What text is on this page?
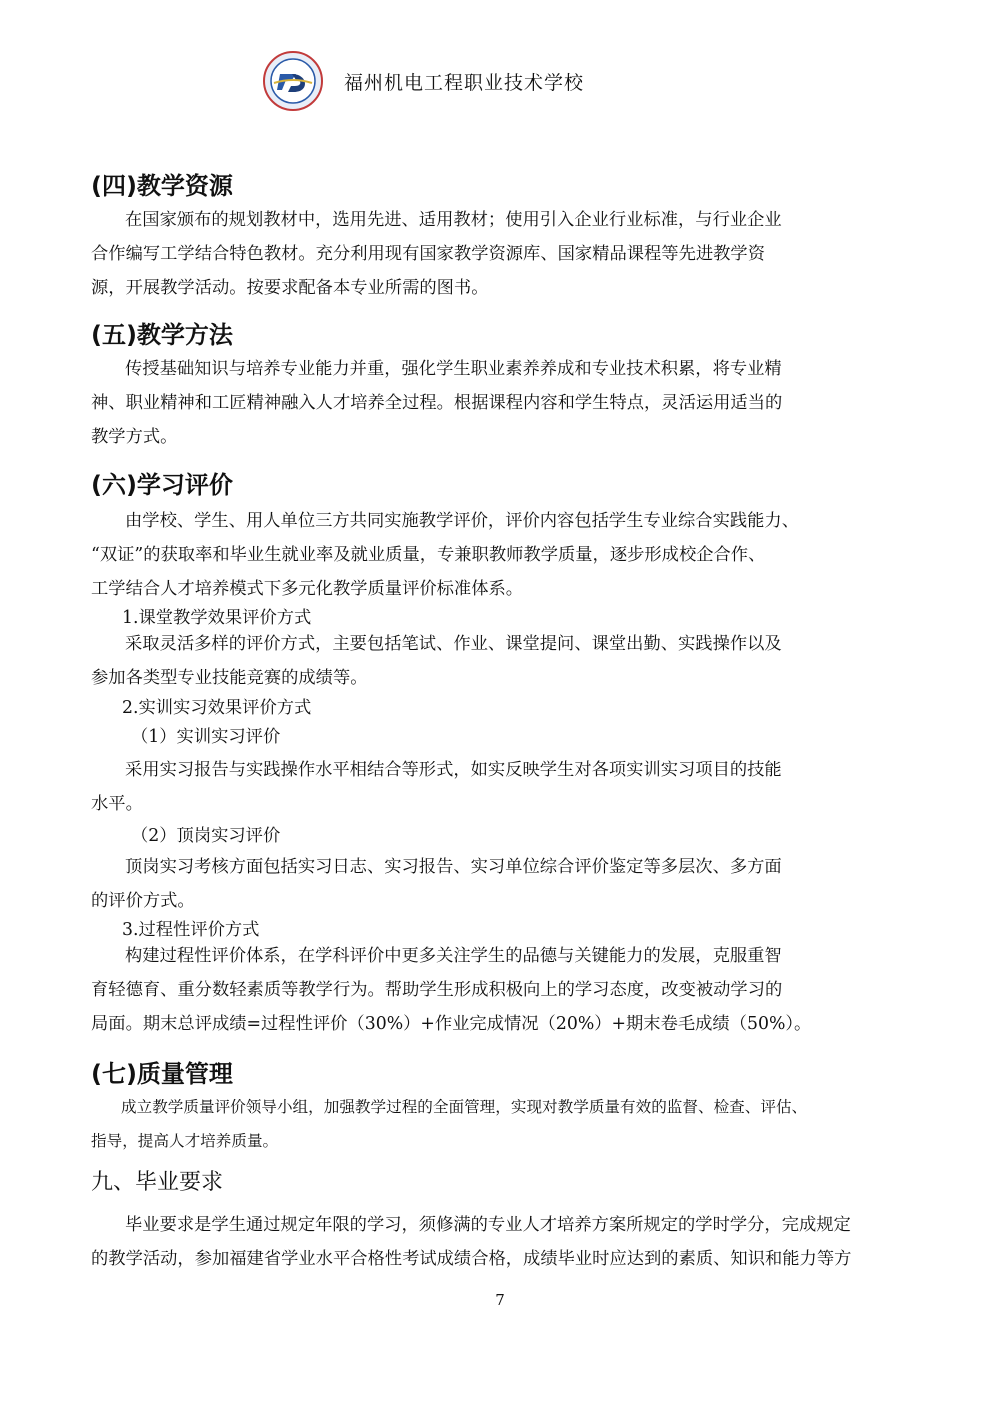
福州机电工程职业技术学校
(四)教学资源
在国家颁布的规划教材中，选用先进、适用教材；使用引入企业行业标准，与行业企业
合作编写工学结合特色教材。充分利用现有国家教学资源库、国家精品课程等先进教学资
源，开展教学活动。按要求配备本专业所需的图书。
(五)教学方法
传授基础知识与培养专业能力并重，强化学生职业素养养成和专业技术积累，将专业精
神、职业精神和工匠精神融入人才培养全过程。根据课程内容和学生特点，灵活运用适当的
教学方式。
(六)学习评价
由学校、学生、用人单位三方共同实施教学评价，评价内容包括学生专业综合实践能力、
“双证”的获取率和毕业生就业率及就业质量，专兼职教师教学质量，逐步形成校企合作、
工学结合人才培养模式下多元化教学质量评价标准体系。
1.课堂教学效果评价方式
采取灵活多样的评价方式，主要包括笔试、作业、课堂提问、课堂出勤、实践操作以及
参加各类型专业技能竞赛的成绩等。
2.实训实习效果评价方式
（1）实训实习评价
采用实习报告与实践操作水平相结合等形式，如实反映学生对各项实训实习项目的技能
水平。
（2）顶岗实习评价
顶岗实习考核方面包括实习日志、实习报告、实习单位综合评价鉴定等多层次、多方面
的评价方式。
3.过程性评价方式
构建过程性评价体系，在学科评价中更多关注学生的品德与关键能力的发展，克服重智
育轻德育、重分数轻素质等教学行为。帮助学生形成积极向上的学习态度，改变被动学习的
局面。期末总评成绩=过程性评价（30%）+作业完成情况（20%）+期末卷毛成绩（50%）。
(七)质量管理
成立教学质量评价领导小组，加强教学过程的全面管理，实现对教学质量有效的监督、检查、评估、
指导，提高人才培养质量。
九、毕业要求
毕业要求是学生通过规定年限的学习，须修满的专业人才培养方案所规定的学时学分，完成规定
的教学活动，参加福建省学业水平合格性考试成绩合格，成绩毕业时应达到的素质、知识和能力等方
7
